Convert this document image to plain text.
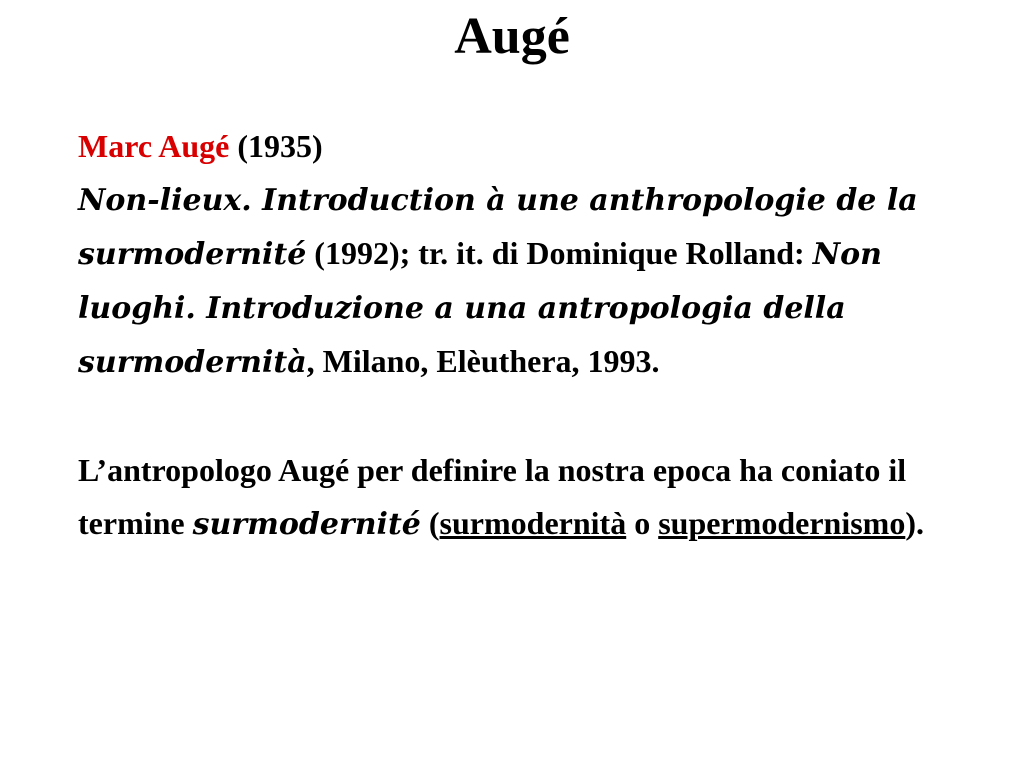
Augé

Marc Augé (1935)

Non-lieux. Introduction à une anthropologie de la surmodernité (1992); tr. it. di Dominique Rolland: Non luoghi. Introduzione a una antropologia della surmodernità, Milano, Elèuthera, 1993.

L’antropologo Augé per definire la nostra epoca ha coniato il termine surmodernité (surmodernità o supermodernismo).
